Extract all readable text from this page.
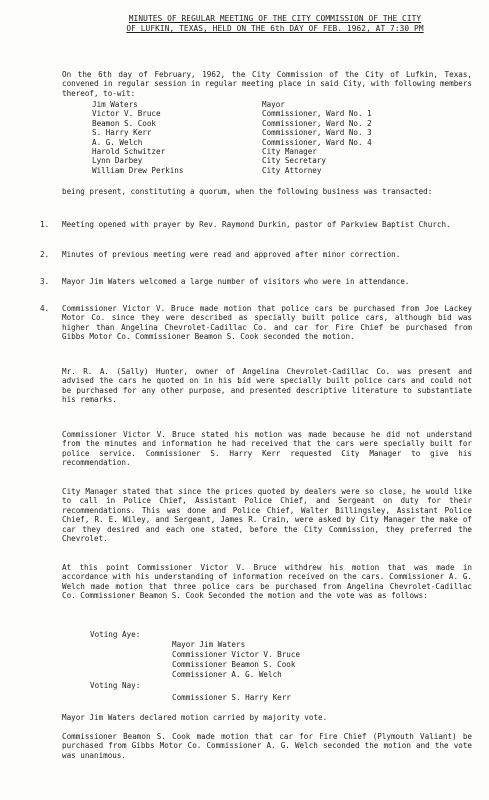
MINUTES OF REGULAR MEETING OF THE CITY COMMISSION OF THE CITY
OF LUFKIN, TEXAS, HELD ON THE 6th DAY OF FEB. 1962, AT 7:30 PM

On the 6th day of February, 1962, the City Commission of the City of Lufkin, Texas, convened in regular session in regular meeting place in said City, with following members thereof, to-wit:

Jim Waters	Mayor
Victor V. Bruce	Commissioner, Ward No. 1
Beamon S. Cook	Commissioner, Ward No. 2
S. Harry Kerr	Commissioner, Ward No. 3
A. G. Welch	Commissioner, Ward No. 4
Harold Schwitzer	City Manager
Lynn Darbey	City Secretary
William Drew Perkins	City Attorney

being present, constituting a quorum, when the following business was transacted:

1.	Meeting opened with prayer by Rev. Raymond Durkin, pastor of Parkview Baptist Church.
2.	Minutes of previous meeting were read and approved after minor correction.
3.	Mayor Jim Waters welcomed a large number of visitors who were in attendance.
4.	Commissioner Victor V. Bruce made motion that police cars be purchased from Joe Lackey Motor Co. since they were described as specially built police cars, although bid was higher than Angelina Chevrolet-Cadillac Co. and car for Fire Chief be purchased from Gibbs Motor Co. Commissioner Beamon S. Cook seconded the motion.

Mr. R. A. (Sally) Hunter, owner of Angelina Chevrolet-Cadillac Co. was present and advised the cars he quoted on in his bid were specially built police cars and could not be purchased for any other purpose, and presented descriptive literature to substantiate his remarks.

Commissioner Victor V. Bruce stated his motion was made because he did not understand from the minutes and information he had received that the cars were specially built for police service. Commissioner S. Harry Kerr requested City Manager to give his recommendation.

City Manager stated that since the prices quoted by dealers were so close, he would like to call in Police Chief, Assistant Police Chief, and Sergeant on duty for their recommendations. This was done and Police Chief, Walter Billingsley, Assistant Police Chief, R. E. Wiley, and Sergeant, James R. Crain, were asked by City Manager the make of car they desired and each one stated, before the City Commission, they preferred the Chevrolet.

At this point Commissioner Victor V. Bruce withdrew his motion that was made in accordance with his understanding of information received on the cars. Commissioner A. G. Welch made motion that three police cars be purchased from Angelina Chevrolet-Cadillac Co. Commissioner Beamon S. Cook Seconded the motion and the vote was as follows:

Voting Aye:
Mayor Jim Waters
Commissioner Victor V. Bruce
Commissioner Beamon S. Cook
Commissioner A. G. Welch
Voting Nay:
Commissioner S. Harry Kerr

Mayor Jim Waters declared motion carried by majority vote.

Commissioner Beamon S. Cook made motion that car for Fire Chief (Plymouth Valiant) be purchased from Gibbs Motor Co. Commissioner A. G. Welch seconded the motion and the vote was unanimous.
